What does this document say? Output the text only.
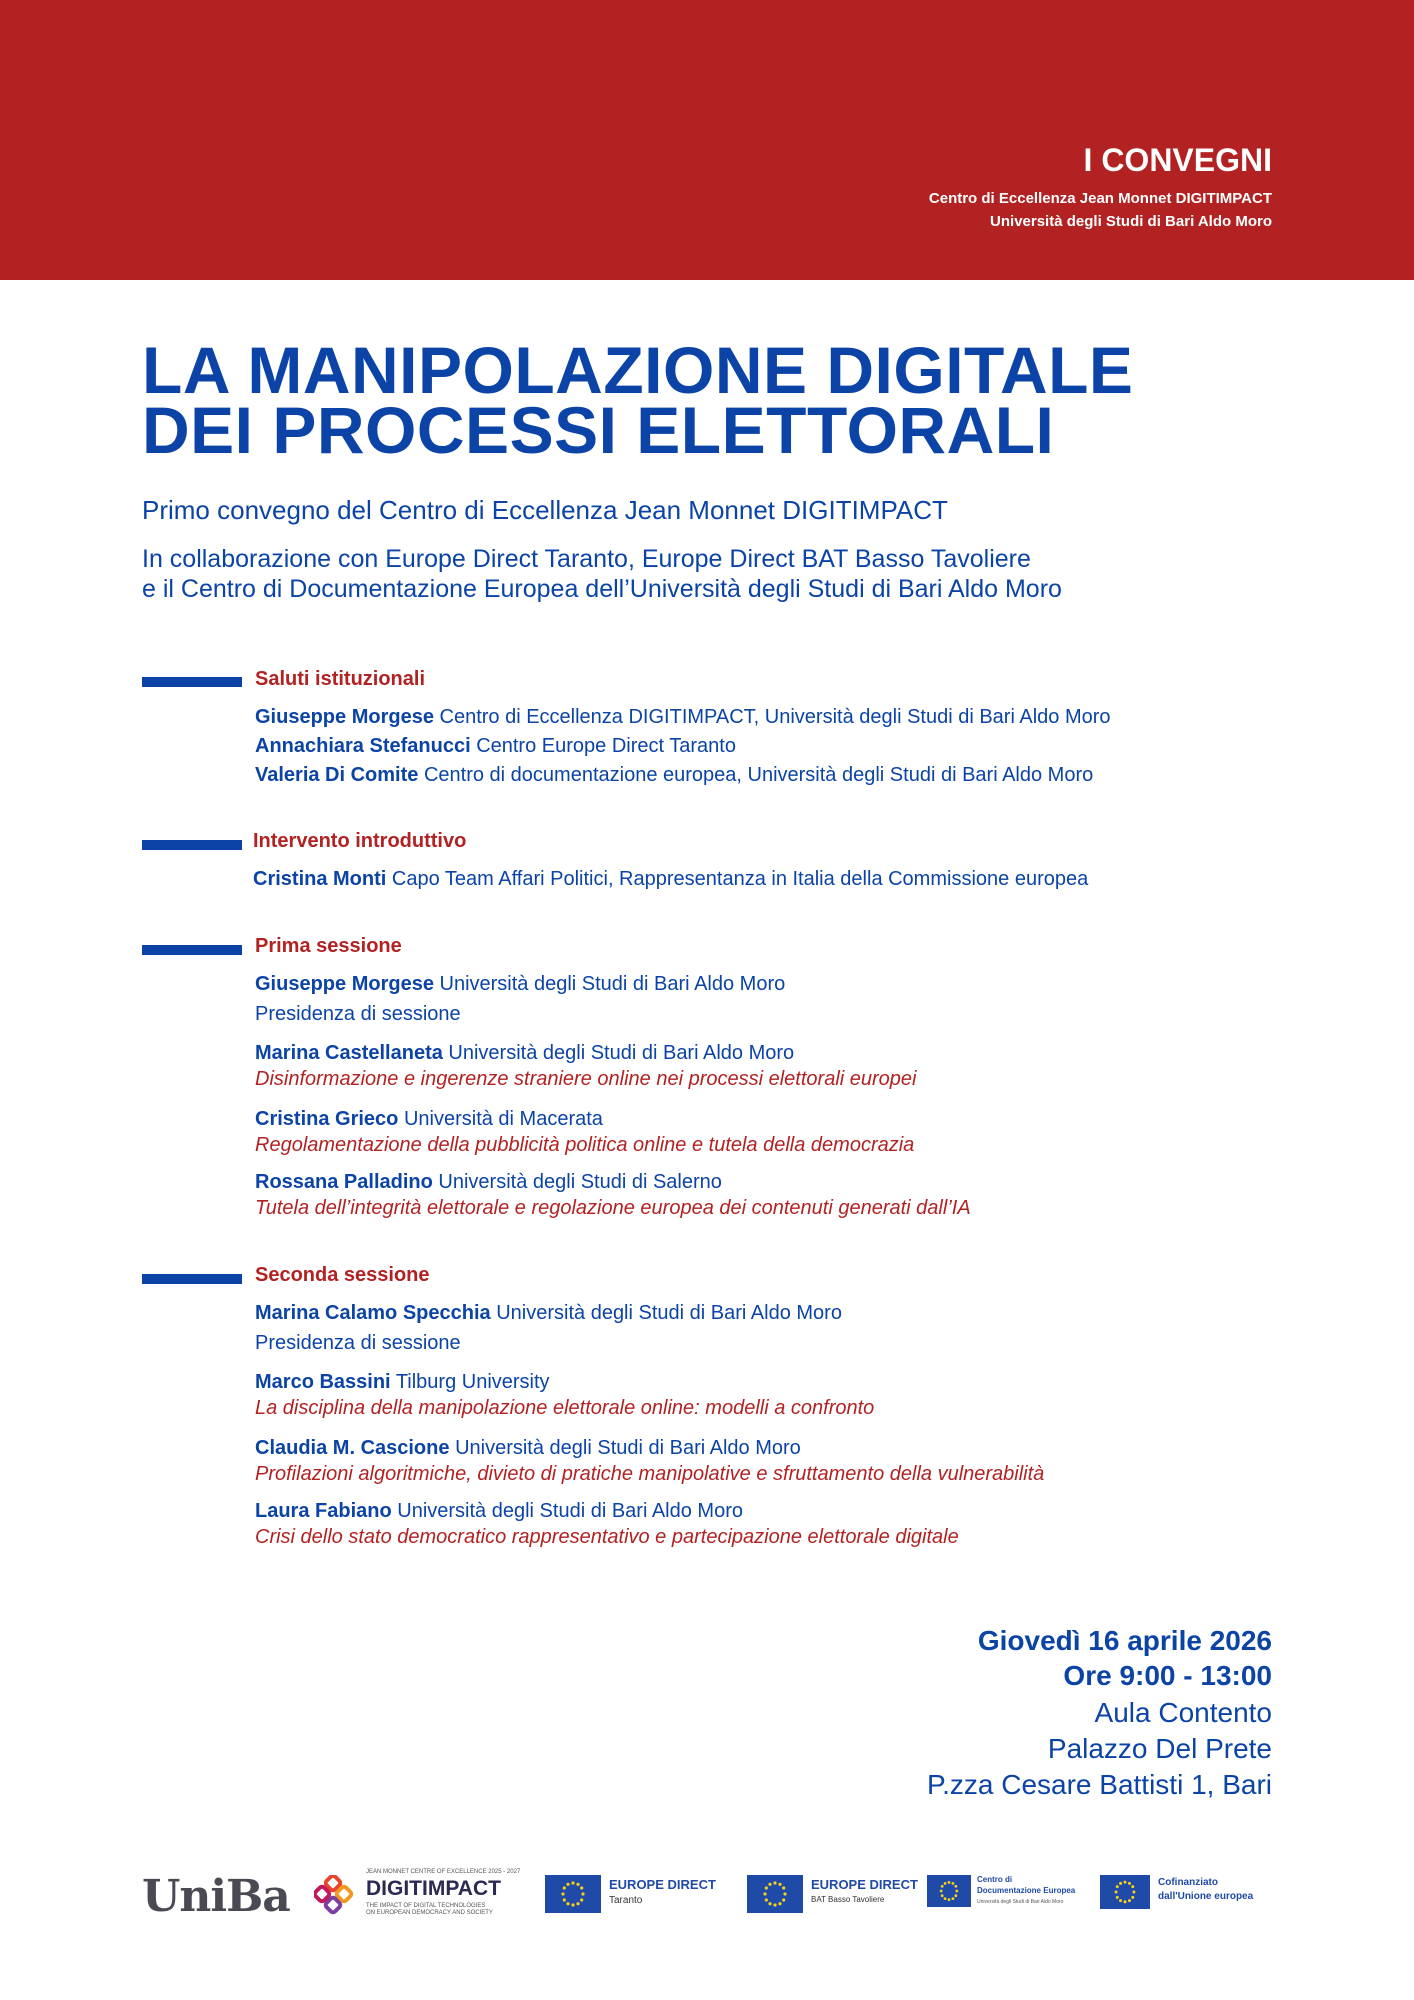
I CONVEGNI
Centro di Eccellenza Jean Monnet DIGITIMPACT
Università degli Studi di Bari Aldo Moro
LA MANIPOLAZIONE DIGITALE
DEI PROCESSI ELETTORALI
Primo convegno del Centro di Eccellenza Jean Monnet DIGITIMPACT
In collaborazione con Europe Direct Taranto, Europe Direct BAT Basso Tavoliere
e il Centro di Documentazione Europea dell’Università degli Studi di Bari Aldo Moro
Saluti istituzionali
Giuseppe Morgese Centro di Eccellenza DIGITIMPACT, Università degli Studi di Bari Aldo Moro
Annachiara Stefanucci Centro Europe Direct Taranto
Valeria Di Comite Centro di documentazione europea, Università degli Studi di Bari Aldo Moro
Intervento introduttivo
Cristina Monti Capo Team Affari Politici, Rappresentanza in Italia della Commissione europea
Prima sessione
Giuseppe Morgese Università degli Studi di Bari Aldo Moro
Presidenza di sessione
Marina Castellaneta Università degli Studi di Bari Aldo Moro
Disinformazione e ingerenze straniere online nei processi elettorali europei
Cristina Grieco Università di Macerata
Regolamentazione della pubblicità politica online e tutela della democrazia
Rossana Palladino Università degli Studi di Salerno
Tutela dell’integrità elettorale e regolazione europea dei contenuti generati dall’IA
Seconda sessione
Marina Calamo Specchia Università degli Studi di Bari Aldo Moro
Presidenza di sessione
Marco Bassini Tilburg University
La disciplina della manipolazione elettorale online: modelli a confronto
Claudia M. Cascione Università degli Studi di Bari Aldo Moro
Profilazioni algoritmiche, divieto di pratiche manipolative e sfruttamento della vulnerabilità
Laura Fabiano Università degli Studi di Bari Aldo Moro
Crisi dello stato democratico rappresentativo e partecipazione elettorale digitale
Giovedì 16 aprile 2026
Ore 9:00 - 13:00
Aula Contento
Palazzo Del Prete
P.zza Cesare Battisti 1, Bari
UniBa	JEAN MONNET CENTRE OF EXCELLENCE 2025 - 2027
DIGITIMPACT
THE IMPACT OF DIGITAL TECHNOLOGIES
ON EUROPEAN DEMOCRACY AND SOCIETY
EUROPE DIRECT
Taranto
EUROPE DIRECT
BAT Basso Tavoliere
Centro di
Documentazione Europea
Università degli Studi di Bari Aldo Moro
Cofinanziato
dall'Unione europea
